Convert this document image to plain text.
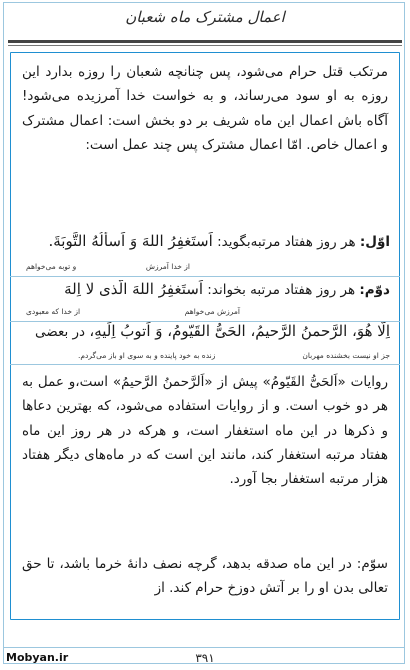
اعمال مشترک ماه شعبان
مرتکب قتل حرام می‌شود، پس چنانچه شعبان را روزه بدارد این روزه به او سود می‌رساند، و به خواست خدا آمرزیده می‌شود! آگاه باش اعمال این ماه شریف بر دو بخش است: اعمال مشترک و اعمال خاص. امّا اعمال مشترک پس چند عمل است:
اوّل: هر روز هفتاد مرتبه‌بگوید: اَستَغفِرُ اللهَ وَ اَسألُهُ التَّوبَةَ.
از خدا آمرزش
و توبه می‌خواهم
دوّم: هر روز هفتاد مرتبه بخواند: اَستَغفِرُ اللهَ الَّذی لا اِلهَ
آمرزش می‌خواهم
از خدا که معبودی
اِلّا هُوَ، الرَّحمنُ الرَّحیمُ، الحَیُّ القَیّومُ، وَ اَتوبُ اِلَیهِ، در بعضی
جز او نیست بخشنده مهربان
زنده به خود پاینده و به سوی او باز می‌گردم.
روایات «اَلحَیُّ القَیّومُ» پیش از «اَلرَّحمنُ الرَّحیمُ» است،و عمل به هر دو خوب است. و از روایات استفاده می‌شود، که بهترین دعاها و ذکرها در این ماه استغفار است، و هرکه در هر روز این ماه هفتاد مرتبه استغفار کند، مانند این است که در ماه‌های دیگر هفتاد هزار مرتبه استغفار بجا آورد.
سوّم: در این ماه صدقه بدهد، گرچه نصف دانهٔ خرما باشد، تا حق تعالی بدن او را بر آتش دوزخ حرام کند. از
Mobyan.ir	۳۹۱
